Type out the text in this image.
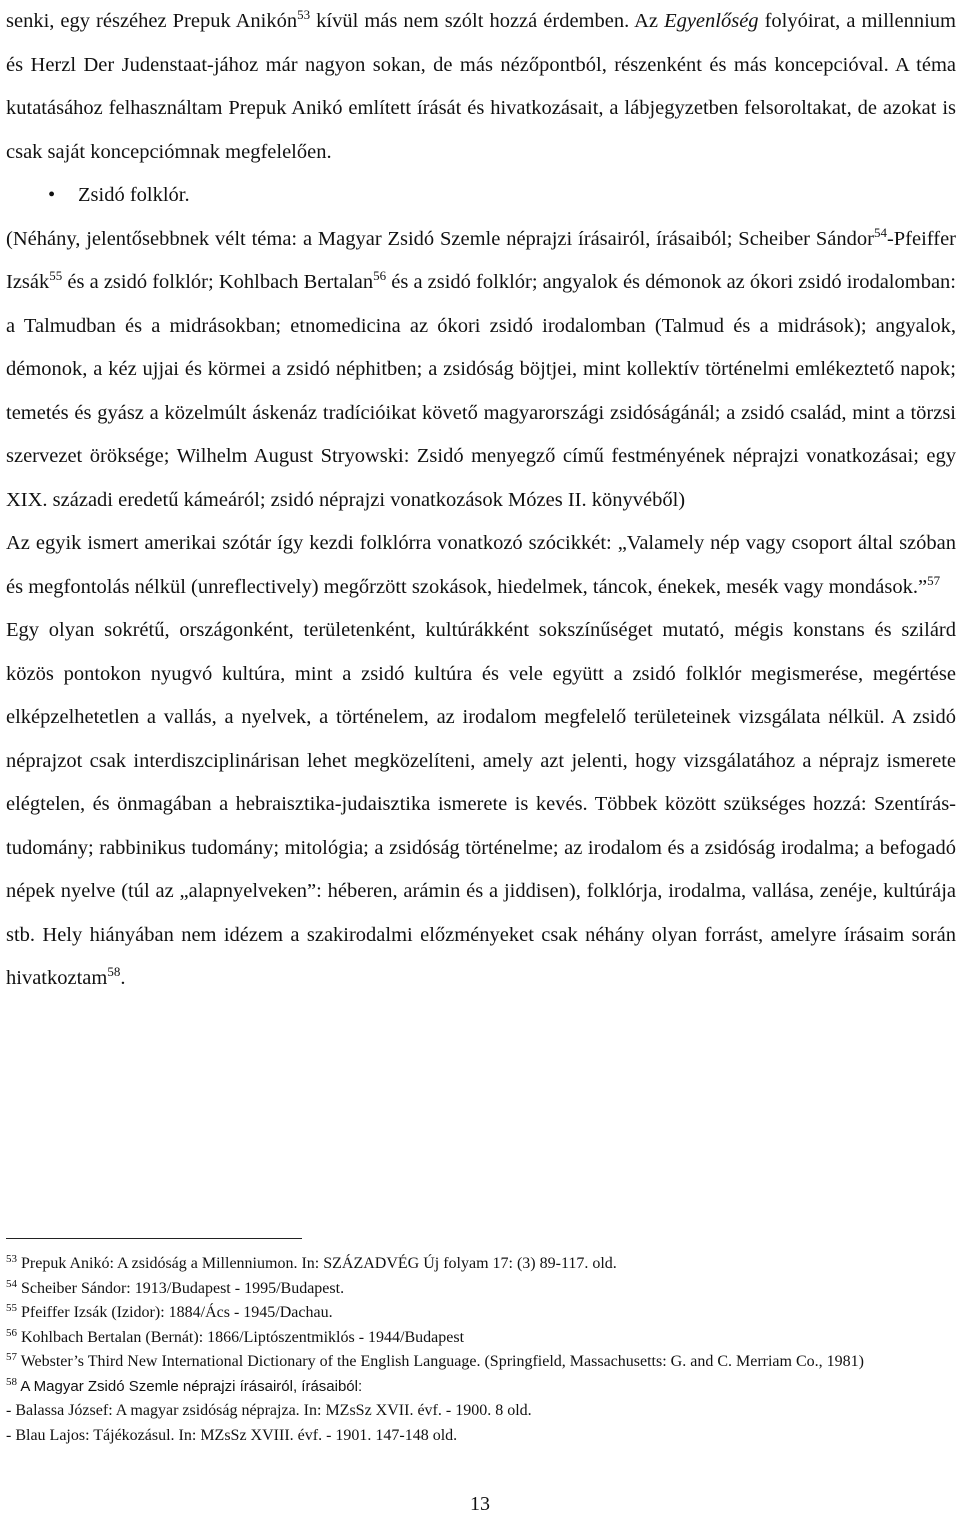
senki, egy részéhez Prepuk Anikón$^{53}$ kívül más nem szólt hozzá érdemben. Az Egyenlőség folyóirat, a millennium és Herzl Der Judenstaat-jához már nagyon sokan, de más nézőpontból, részenként és más koncepcióval. A téma kutatásához felhasználtam Prepuk Anikó említett írását és hivatkozásait, a lábjegyzetben felsoroltakat, de azokat is csak saját koncepciómnak megfelelően.

• Zsidó folklór.

(Néhány, jelentősebbnek vélt téma: a Magyar Zsidó Szemle néprajzi írásairól, írásaiból; Scheiber Sándor$^{54}$-Pfeiffer Izsák$^{55}$ és a zsidó folklór; Kohlbach Bertalan$^{56}$ és a zsidó folklór; angyalok és démonok az ókori zsidó irodalomban: a Talmudban és a midrásokban; etnomedicina az ókori zsidó irodalomban (Talmud és a midrások); angyalok, démonok, a kéz ujjai és körmei a zsidó néphitben; a zsidóság böjtjei, mint kollektív történelmi emlékeztető napok; temetés és gyász a közelmúlt áskenáz tradícióikat követő magyarországi zsidóságánál; a zsidó család, mint a törzsi szervezet öröksége; Wilhelm August Stryowski: Zsidó menyegző című festményének néprajzi vonatkozásai; egy XIX. századi eredetű kámeáról; zsidó néprajzi vonatkozások Mózes II. könyvéből)

Az egyik ismert amerikai szótár így kezdi folklórra vonatkozó szócikkét: „Valamely nép vagy csoport által szóban és megfontolás nélkül (unreflectively) megőrzött szokások, hiedelmek, táncok, énekek, mesék vagy mondások.”$^{57}$

Egy olyan sokrétű, országonként, területenként, kultúrákként sokszínűséget mutató, mégis konstans és szilárd közös pontokon nyugvó kultúra, mint a zsidó kultúra és vele együtt a zsidó folklór megismerése, megértése elképzelhetetlen a vallás, a nyelvek, a történelem, az irodalom megfelelő területeinek vizsgálata nélkül. A zsidó néprajzot csak interdiszciplinárisan lehet megközelíteni, amely azt jelenti, hogy vizsgálatához a néprajz ismerete elégtelen, és önmagában a hebraisztika-judaisztika ismerete is kevés. Többek között szükséges hozzá: Szentírás-tudomány; rabbinikus tudomány; mitológia; a zsidóság történelme; az irodalom és a zsidóság irodalma; a befogadó népek nyelve (túl az „alapnyelveken”: héberen, arámin és a jiddisen), folklórja, irodalma, vallása, zenéje, kultúrája stb. Hely hiányában nem idézem a szakirodalmi előzményeket csak néhány olyan forrást, amelyre írásaim során hivatkoztam$^{58}$.

$^{53}$ Prepuk Anikó: A zsidóság a Millenniumon. In: SZÁZADVÉG Új folyam 17: (3) 89-117. old.
$^{54}$ Scheiber Sándor: 1913/Budapest - 1995/Budapest.
$^{55}$ Pfeiffer Izsák (Izidor): 1884/Ács - 1945/Dachau.
$^{56}$ Kohlbach Bertalan (Bernát): 1866/Liptószentmiklós - 1944/Budapest
$^{57}$ Webster’s Third New International Dictionary of the English Language. (Springfield, Massachusetts: G. and C. Merriam Co., 1981)
$^{58}$ A Magyar Zsidó Szemle néprajzi írásairól, írásaiból:
- Balassa József: A magyar zsidóság néprajza. In: MZsSz XVII. évf. - 1900. 8 old.
- Blau Lajos: Tájékozásul. In: MZsSz XVIII. évf. - 1901. 147-148 old.
13
